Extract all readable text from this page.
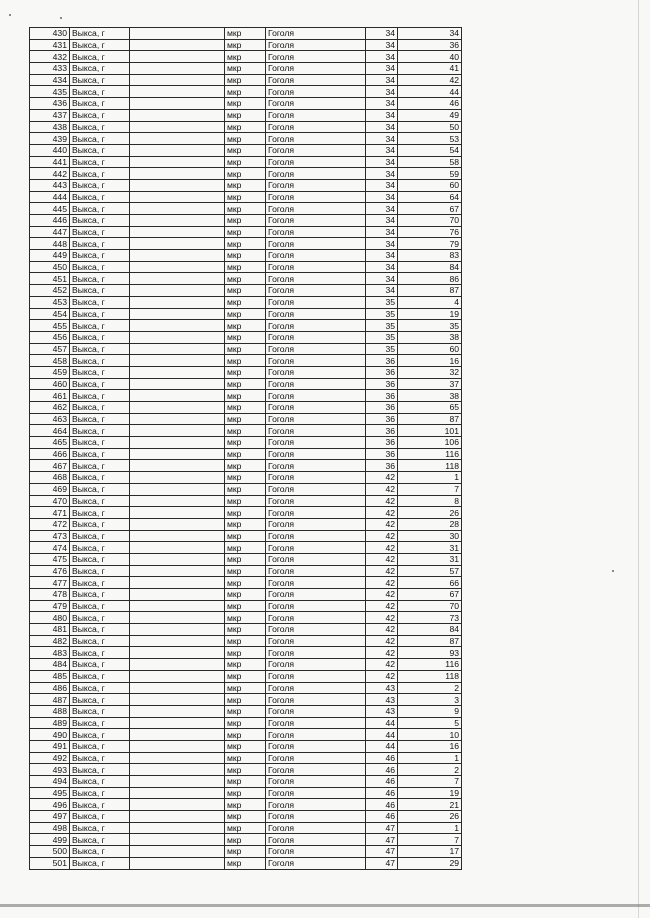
430	Выкса, г		мкр	Гоголя	34	34
431	Выкса, г		мкр	Гоголя	34	36
432	Выкса, г		мкр	Гоголя	34	40
433	Выкса, г		мкр	Гоголя	34	41
434	Выкса, г		мкр	Гоголя	34	42
435	Выкса, г		мкр	Гоголя	34	44
436	Выкса, г		мкр	Гоголя	34	46
437	Выкса, г		мкр	Гоголя	34	49
438	Выкса, г		мкр	Гоголя	34	50
439	Выкса, г		мкр	Гоголя	34	53
440	Выкса, г		мкр	Гоголя	34	54
441	Выкса, г		мкр	Гоголя	34	58
442	Выкса, г		мкр	Гоголя	34	59
443	Выкса, г		мкр	Гоголя	34	60
444	Выкса, г		мкр	Гоголя	34	64
445	Выкса, г		мкр	Гоголя	34	67
446	Выкса, г		мкр	Гоголя	34	70
447	Выкса, г		мкр	Гоголя	34	76
448	Выкса, г		мкр	Гоголя	34	79
449	Выкса, г		мкр	Гоголя	34	83
450	Выкса, г		мкр	Гоголя	34	84
451	Выкса, г		мкр	Гоголя	34	86
452	Выкса, г		мкр	Гоголя	34	87
453	Выкса, г		мкр	Гоголя	35	4
454	Выкса, г		мкр	Гоголя	35	19
455	Выкса, г		мкр	Гоголя	35	35
456	Выкса, г		мкр	Гоголя	35	38
457	Выкса, г		мкр	Гоголя	35	60
458	Выкса, г		мкр	Гоголя	36	16
459	Выкса, г		мкр	Гоголя	36	32
460	Выкса, г		мкр	Гоголя	36	37
461	Выкса, г		мкр	Гоголя	36	38
462	Выкса, г		мкр	Гоголя	36	65
463	Выкса, г		мкр	Гоголя	36	87
464	Выкса, г		мкр	Гоголя	36	101
465	Выкса, г		мкр	Гоголя	36	106
466	Выкса, г		мкр	Гоголя	36	116
467	Выкса, г		мкр	Гоголя	36	118
468	Выкса, г		мкр	Гоголя	42	1
469	Выкса, г		мкр	Гоголя	42	7
470	Выкса, г		мкр	Гоголя	42	8
471	Выкса, г		мкр	Гоголя	42	26
472	Выкса, г		мкр	Гоголя	42	28
473	Выкса, г		мкр	Гоголя	42	30
474	Выкса, г		мкр	Гоголя	42	31
475	Выкса, г		мкр	Гоголя	42	31
476	Выкса, г		мкр	Гоголя	42	57
477	Выкса, г		мкр	Гоголя	42	66
478	Выкса, г		мкр	Гоголя	42	67
479	Выкса, г		мкр	Гоголя	42	70
480	Выкса, г		мкр	Гоголя	42	73
481	Выкса, г		мкр	Гоголя	42	84
482	Выкса, г		мкр	Гоголя	42	87
483	Выкса, г		мкр	Гоголя	42	93
484	Выкса, г		мкр	Гоголя	42	116
485	Выкса, г		мкр	Гоголя	42	118
486	Выкса, г		мкр	Гоголя	43	2
487	Выкса, г		мкр	Гоголя	43	3
488	Выкса, г		мкр	Гоголя	43	9
489	Выкса, г		мкр	Гоголя	44	5
490	Выкса, г		мкр	Гоголя	44	10
491	Выкса, г		мкр	Гоголя	44	16
492	Выкса, г		мкр	Гоголя	46	1
493	Выкса, г		мкр	Гоголя	46	2
494	Выкса, г		мкр	Гоголя	46	7
495	Выкса, г		мкр	Гоголя	46	19
496	Выкса, г		мкр	Гоголя	46	21
497	Выкса, г		мкр	Гоголя	46	26
498	Выкса, г		мкр	Гоголя	47	1
499	Выкса, г		мкр	Гоголя	47	7
500	Выкса, г		мкр	Гоголя	47	17
501	Выкса, г		мкр	Гоголя	47	29
